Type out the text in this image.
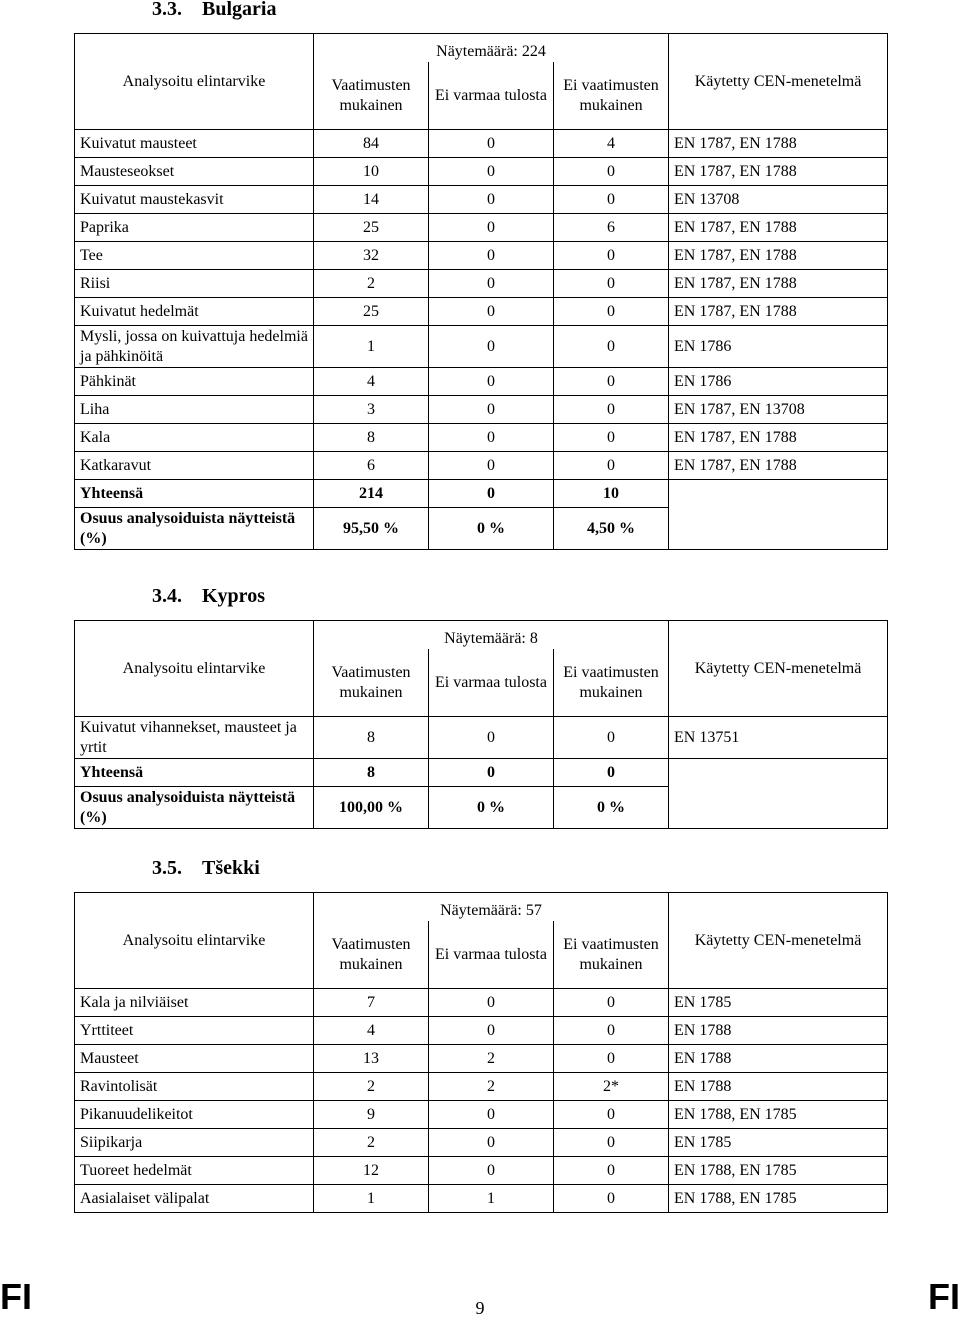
3.3. Bulgaria
Analysoitu elintarvike	Näytemäärä: 224			Käytetty CEN-menetelmä
	Vaatimusten mukainen	Ei varmaa tulosta	Ei vaatimusten mukainen	
Kuivatut mausteet	84	0	4	EN 1787, EN 1788
Mausteseokset	10	0	0	EN 1787, EN 1788
Kuivatut maustekasvit	14	0	0	EN 13708
Paprika	25	0	6	EN 1787, EN 1788
Tee	32	0	0	EN 1787, EN 1788
Riisi	2	0	0	EN 1787, EN 1788
Kuivatut hedelmät	25	0	0	EN 1787, EN 1788
Mysli, jossa on kuivattuja hedelmiä ja pähkinöitä	1	0	0	EN 1786
Pähkinät	4	0	0	EN 1786
Liha	3	0	0	EN 1787, EN 13708
Kala	8	0	0	EN 1787, EN 1788
Katkaravut	6	0	0	EN 1787, EN 1788
Yhteensä	214	0	10	
Osuus analysoiduista näytteistä (%)	95,50 %	0 %	4,50 %	
3.4. Kypros
Analysoitu elintarvike	Näytemäärä: 8			Käytetty CEN-menetelmä
	Vaatimusten mukainen	Ei varmaa tulosta	Ei vaatimusten mukainen	
Kuivatut vihannekset, mausteet ja yrtit	8	0	0	EN 13751
Yhteensä	8	0	0	
Osuus analysoiduista näytteistä (%)	100,00 %	0 %	0 %	
3.5. Tšekki
Analysoitu elintarvike	Näytemäärä: 57			Käytetty CEN-menetelmä
	Vaatimusten mukainen	Ei varmaa tulosta	Ei vaatimusten mukainen	
Kala ja nilviäiset	7	0	0	EN 1785
Yrttiteet	4	0	0	EN 1788
Mausteet	13	2	0	EN 1788
Ravintolisät	2	2	2*	EN 1788
Pikanuudelikeitot	9	0	0	EN 1788, EN 1785
Siipikarja	2	0	0	EN 1785
Tuoreet hedelmät	12	0	0	EN 1788, EN 1785
Aasialaiset välipalat	1	1	0	EN 1788, EN 1785
FI	9	FI
